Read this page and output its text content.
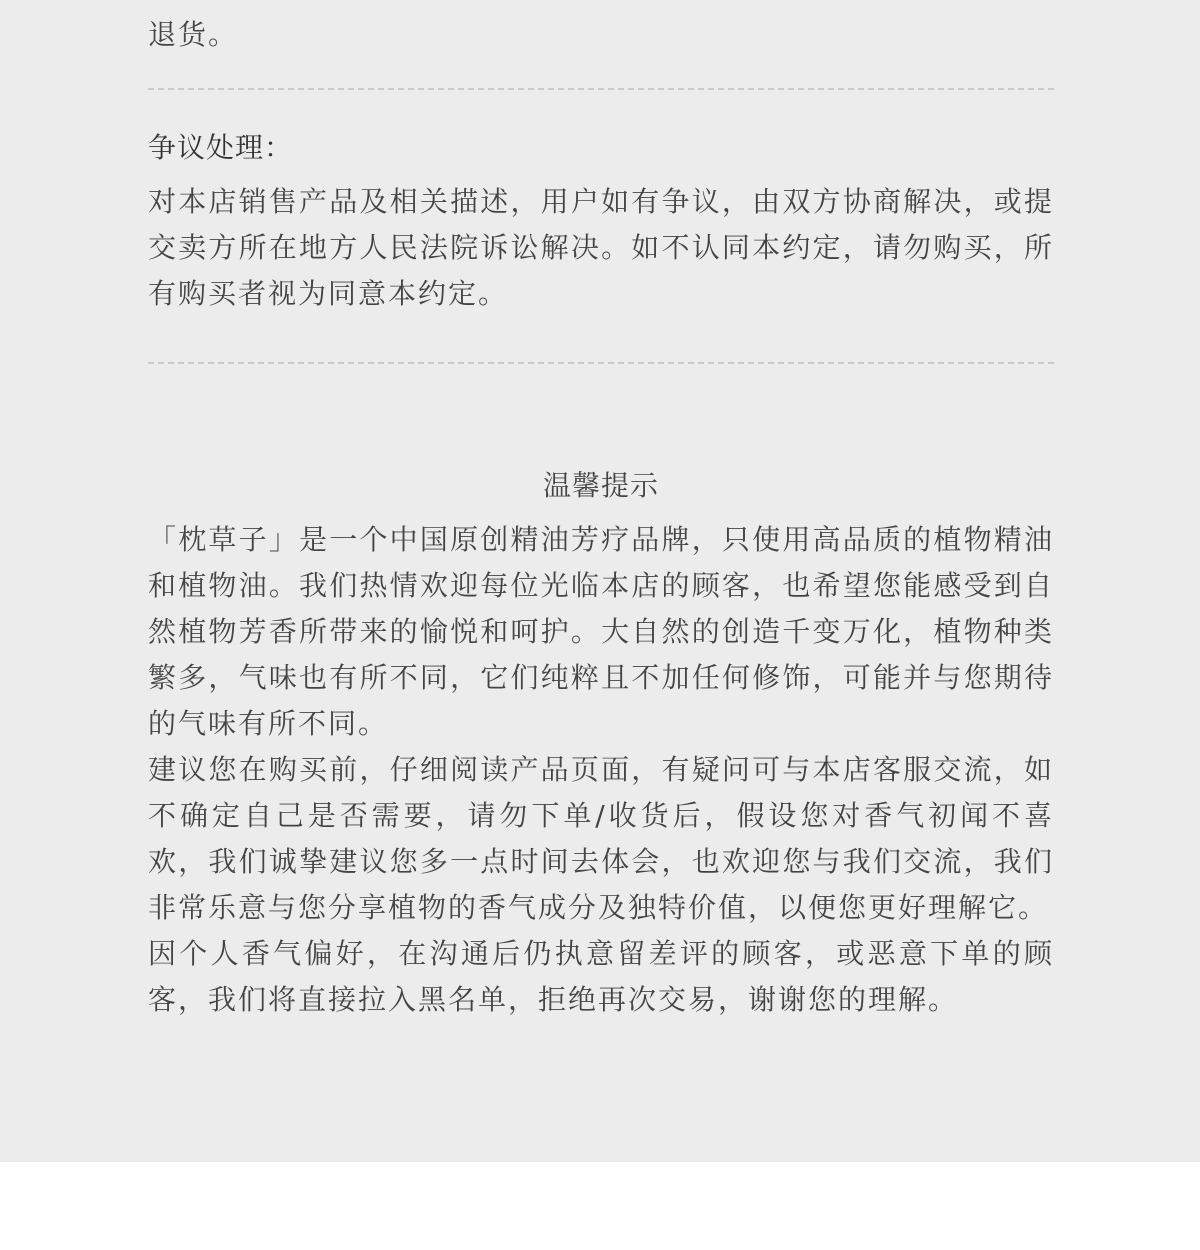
退货。

争议处理：

对本店销售产品及相关描述，用户如有争议，由双方协商解决，或提交卖方所在地方人民法院诉讼解决。如不认同本约定，请勿购买，所有购买者视为同意本约定。

温馨提示

「枕草子」是一个中国原创精油芳疗品牌，只使用高品质的植物精油和植物油。我们热情欢迎每位光临本店的顾客，也希望您能感受到自然植物芳香所带来的愉悦和呵护。大自然的创造千变万化，植物种类繁多，气味也有所不同，它们纯粹且不加任何修饰，可能并与您期待的气味有所不同。

建议您在购买前，仔细阅读产品页面，有疑问可与本店客服交流，如不确定自己是否需要，请勿下单/收货后，假设您对香气初闻不喜欢，我们诚挚建议您多一点时间去体会，也欢迎您与我们交流，我们非常乐意与您分享植物的香气成分及独特价值，以便您更好理解它。

因个人香气偏好，在沟通后仍执意留差评的顾客，或恶意下单的顾客，我们将直接拉入黑名单，拒绝再次交易，谢谢您的理解。
